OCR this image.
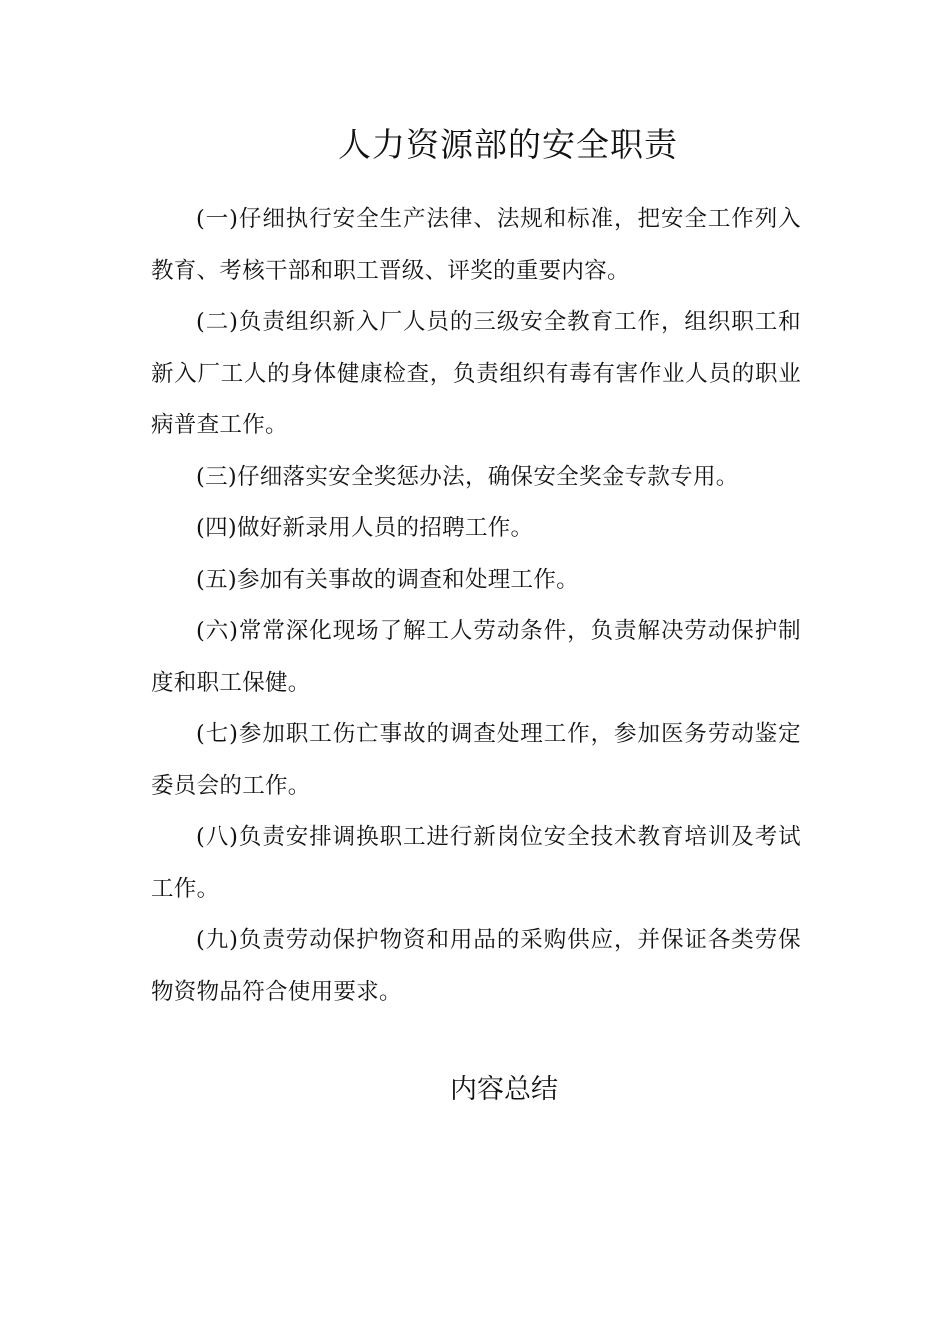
人力资源部的安全职责

(一)仔细执行安全生产法律、法规和标准，把安全工作列入教育、考核干部和职工晋级、评奖的重要内容。

(二)负责组织新入厂人员的三级安全教育工作，组织职工和新入厂工人的身体健康检查，负责组织有毒有害作业人员的职业病普查工作。

(三)仔细落实安全奖惩办法，确保安全奖金专款专用。

(四)做好新录用人员的招聘工作。

(五)参加有关事故的调查和处理工作。

(六)常常深化现场了解工人劳动条件，负责解决劳动保护制度和职工保健。

(七)参加职工伤亡事故的调查处理工作，参加医务劳动鉴定委员会的工作。

(八)负责安排调换职工进行新岗位安全技术教育培训及考试工作。

(九)负责劳动保护物资和用品的采购供应，并保证各类劳保物资物品符合使用要求。

内容总结
